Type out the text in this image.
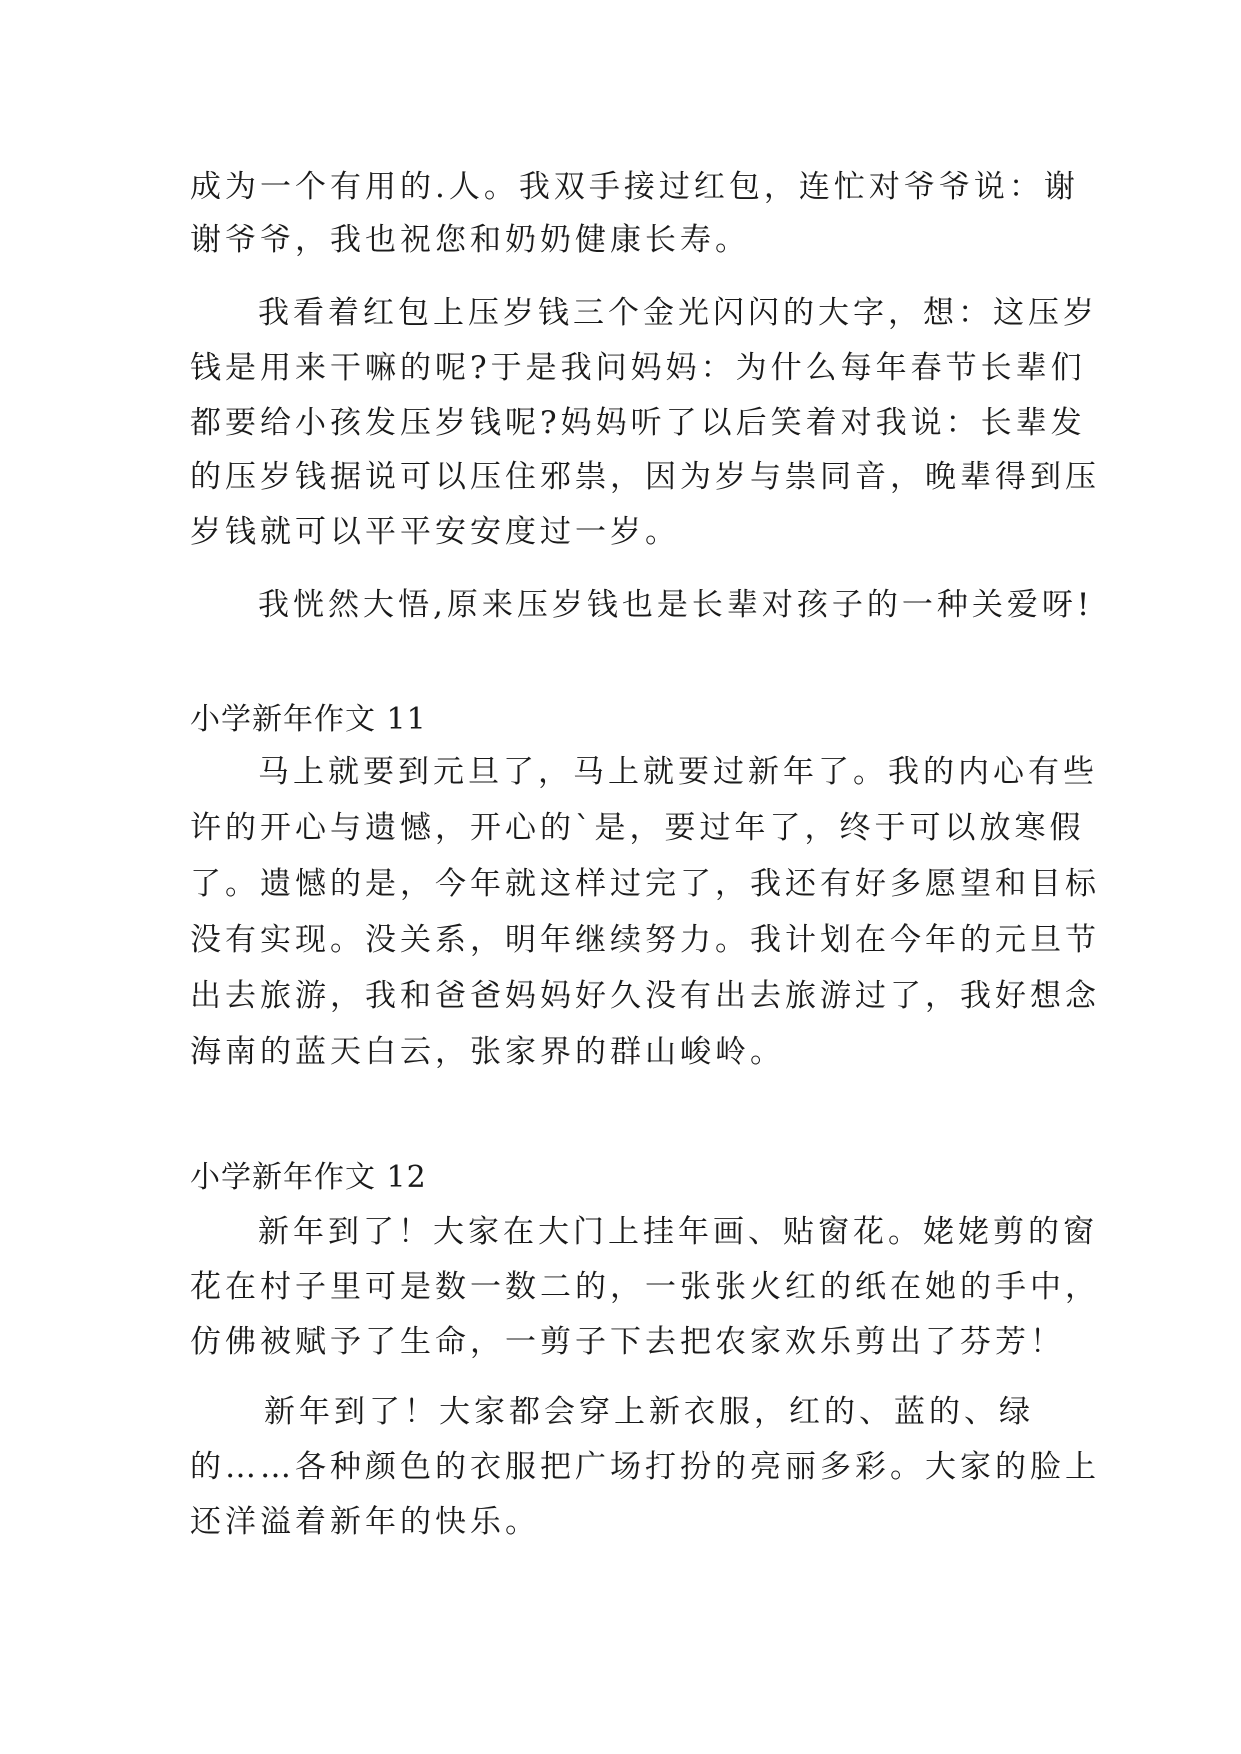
成为一个有用的.人。我双手接过红包，连忙对爷爷说：谢
谢爷爷，我也祝您和奶奶健康长寿。
我看着红包上压岁钱三个金光闪闪的大字，想：这压岁
钱是用来干嘛的呢?于是我问妈妈：为什么每年春节长辈们
都要给小孩发压岁钱呢?妈妈听了以后笑着对我说：长辈发
的压岁钱据说可以压住邪祟，因为岁与祟同音，晚辈得到压
岁钱就可以平平安安度过一岁。
我恍然大悟,原来压岁钱也是长辈对孩子的一种关爱呀!
小学新年作文 11
马上就要到元旦了，马上就要过新年了。我的内心有些
许的开心与遗憾，开心的`是，要过年了，终于可以放寒假
了。遗憾的是，今年就这样过完了，我还有好多愿望和目标
没有实现。没关系，明年继续努力。我计划在今年的元旦节
出去旅游，我和爸爸妈妈好久没有出去旅游过了，我好想念
海南的蓝天白云，张家界的群山峻岭。
小学新年作文 12
新年到了！大家在大门上挂年画、贴窗花。姥姥剪的窗
花在村子里可是数一数二的，一张张火红的纸在她的手中，
仿佛被赋予了生命，一剪子下去把农家欢乐剪出了芬芳！
新年到了！大家都会穿上新衣服，红的、蓝的、绿
的……各种颜色的衣服把广场打扮的亮丽多彩。大家的脸上
还洋溢着新年的快乐。
